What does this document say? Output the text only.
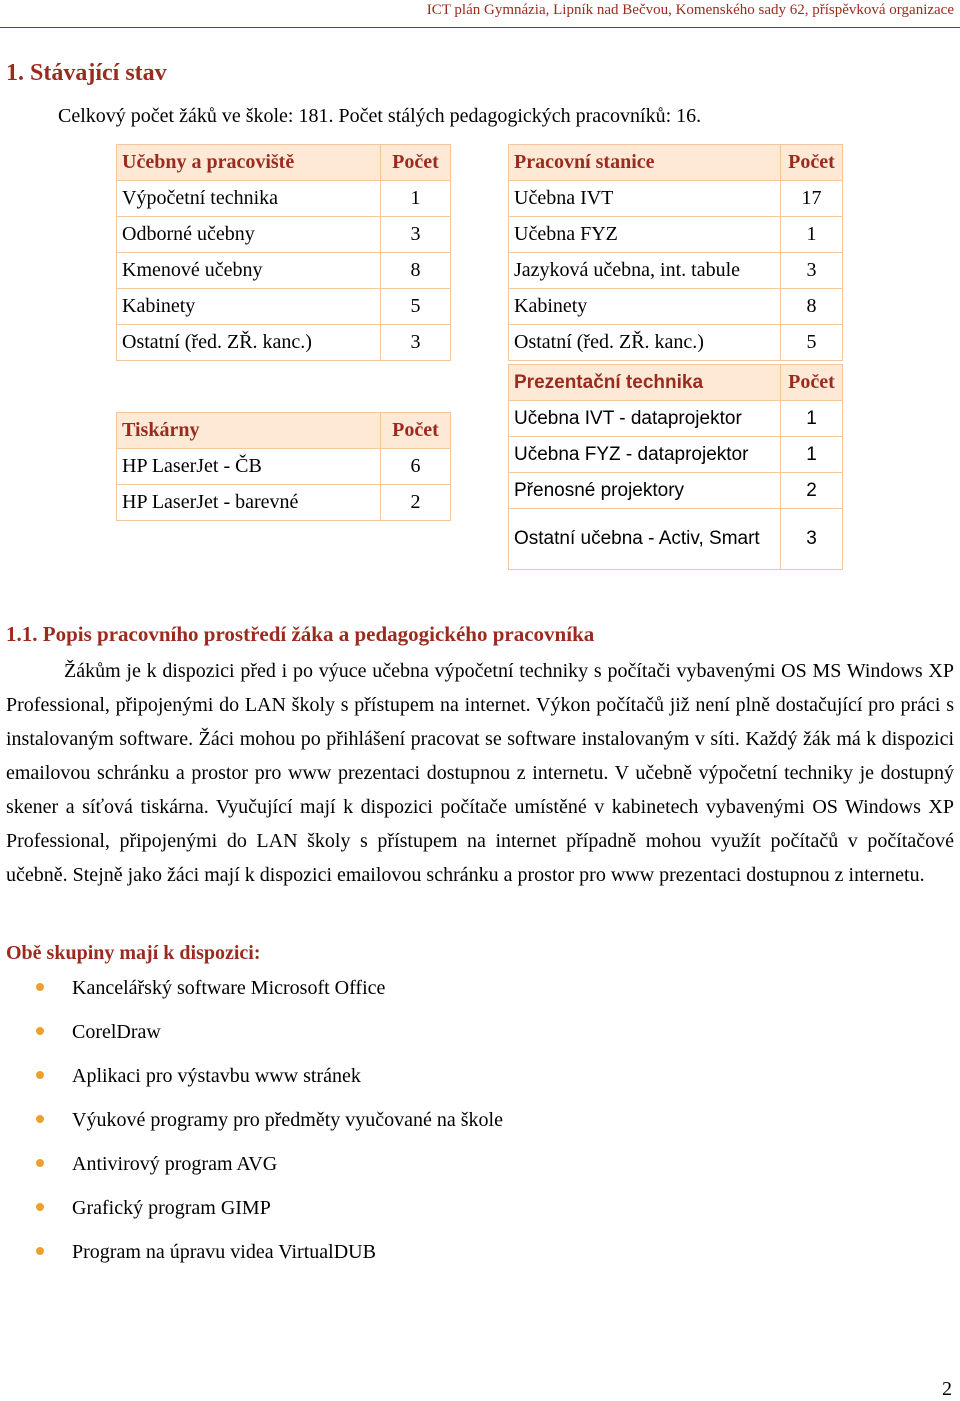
ICT plán Gymnázia, Lipník nad Bečvou, Komenského sady 62, příspěvková organizace
1. Stávající stav
Celkový počet žáků ve škole: 181. Počet stálých pedagogických pracovníků: 16.
Učebny a pracoviště	Počet
Výpočetní technika	1
Odborné učebny	3
Kmenové učebny	8
Kabinety	5
Ostatní (řed. ZŘ. kanc.)	3
Tiskárny	Počet
HP LaserJet - ČB	6
HP LaserJet - barevné	2
Pracovní stanice	Počet
Učebna IVT	17
Učebna FYZ	1
Jazyková učebna, int. tabule	3
Kabinety	8
Ostatní (řed. ZŘ. kanc.)	5
Prezentační technika	Počet
Učebna IVT - dataprojektor	1
Učebna FYZ - dataprojektor	1
Přenosné projektory	2
Ostatní učebna - Activ, Smart	3
1.1. Popis pracovního prostředí žáka a pedagogického pracovníka

Žákům je k dispozici před i po výuce učebna výpočetní techniky s počítači vybavenými OS MS Windows XP Professional, připojenými do LAN školy s přístupem na internet. Výkon počítačů již není plně dostačující pro práci s instalovaným software. Žáci mohou po přihlášení pracovat se software instalovaným v síti. Každý žák má k dispozici emailovou schránku a prostor pro www prezentaci dostupnou z internetu. V učebně výpočetní techniky je dostupný skener a síťová tiskárna. Vyučující mají k dispozici počítače umístěné v kabinetech vybavenými OS Windows XP Professional, připojenými do LAN školy s přístupem na internet případně mohou využít počítačů v počítačové učebně. Stejně jako žáci mají k dispozici emailovou schránku a prostor pro www prezentaci dostupnou z internetu.

Obě skupiny mají k dispozici:
Kancelářský software Microsoft Office
CorelDraw
Aplikaci pro výstavbu www stránek
Výukové programy pro předměty vyučované na škole
Antivirový program AVG
Grafický program GIMP
Program na úpravu videa VirtualDUB
2
